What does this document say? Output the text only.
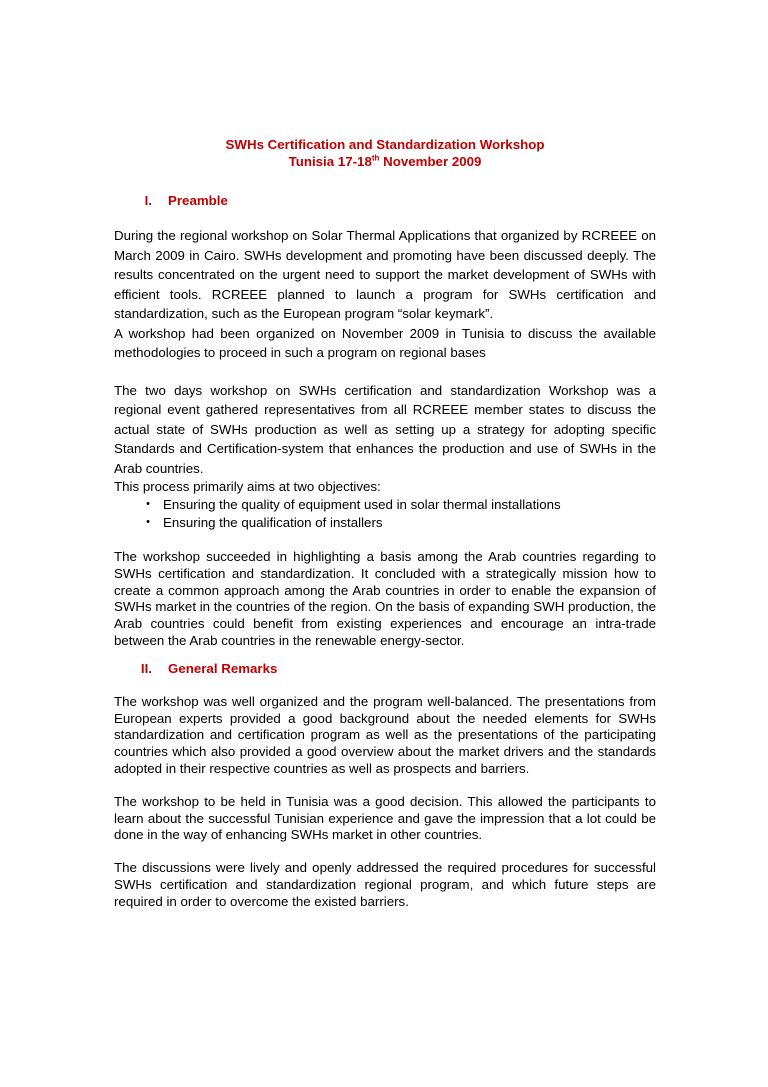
SWHs Certification and Standardization Workshop
Tunisia 17-18th November 2009
I. Preamble

During the regional workshop on Solar Thermal Applications that organized by RCREEE on March 2009 in Cairo. SWHs development and promoting have been discussed deeply. The results concentrated on the urgent need to support the market development of SWHs with efficient tools. RCREEE planned to launch a program for SWHs certification and standardization, such as the European program “solar keymark”.

A workshop had been organized on November 2009 in Tunisia to discuss the available methodologies to proceed in such a program on regional bases

The two days workshop on SWHs certification and standardization Workshop was a regional event gathered representatives from all RCREEE member states to discuss the actual state of SWHs production as well as setting up a strategy for adopting specific Standards and Certification-system that enhances the production and use of SWHs in the Arab countries.

This process primarily aims at two objectives:

• Ensuring the quality of equipment used in solar thermal installations
• Ensuring the qualification of installers

The workshop succeeded in highlighting a basis among the Arab countries regarding to SWHs certification and standardization. It concluded with a strategically mission how to create a common approach among the Arab countries in order to enable the expansion of SWHs market in the countries of the region. On the basis of expanding SWH production, the Arab countries could benefit from existing experiences and encourage an intra-trade between the Arab countries in the renewable energy-sector.

II. General Remarks

The workshop was well organized and the program well-balanced. The presentations from European experts provided a good background about the needed elements for SWHs standardization and certification program as well as the presentations of the participating countries which also provided a good overview about the market drivers and the standards adopted in their respective countries as well as prospects and barriers.

The workshop to be held in Tunisia was a good decision. This allowed the participants to learn about the successful Tunisian experience and gave the impression that a lot could be done in the way of enhancing SWHs market in other countries.

The discussions were lively and openly addressed the required procedures for successful SWHs certification and standardization regional program, and which future steps are required in order to overcome the existed barriers.
